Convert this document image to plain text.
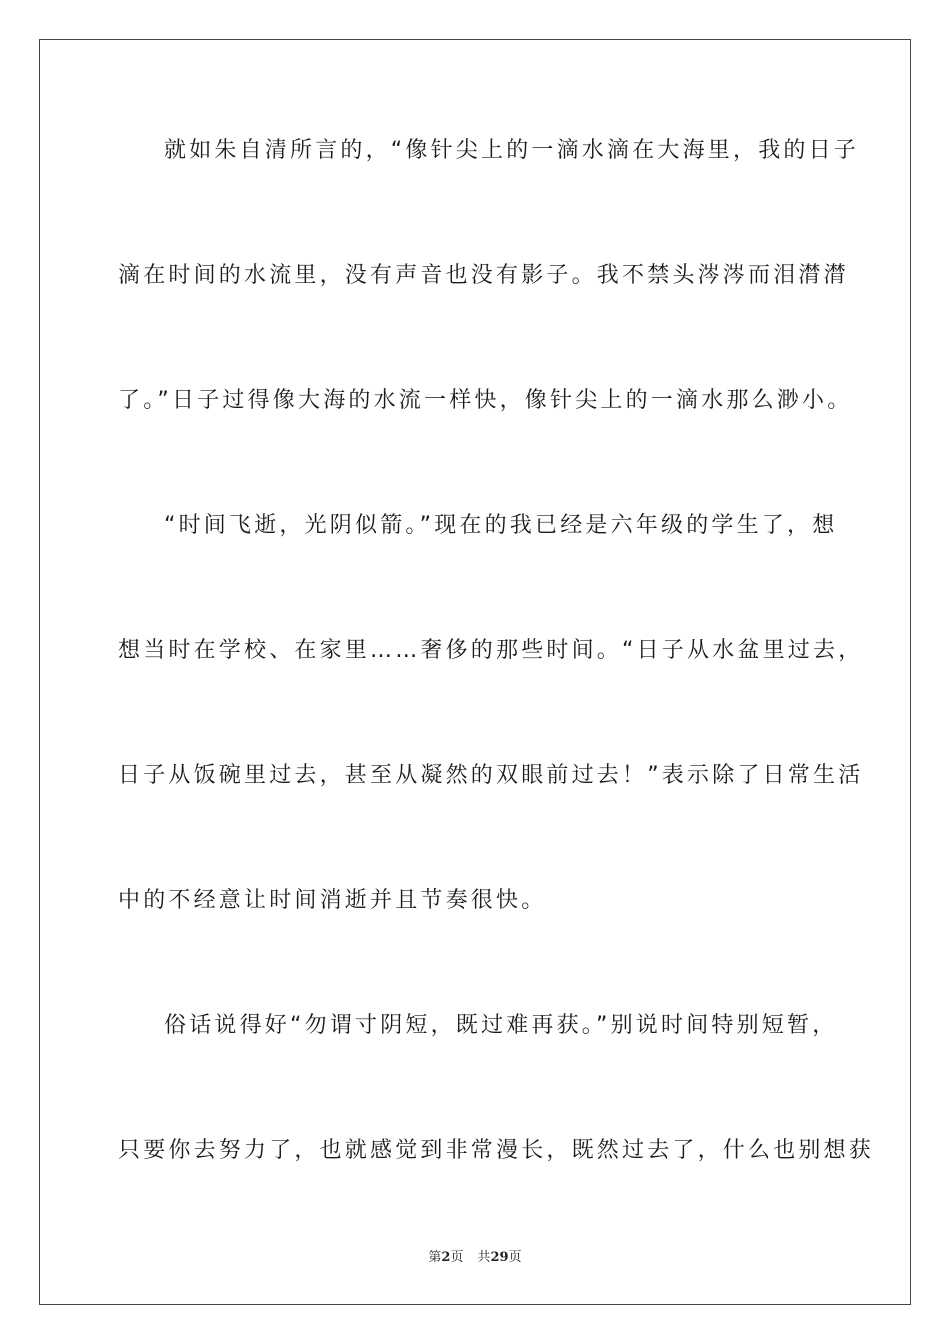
就如朱自清所言的，“像针尖上的一滴水滴在大海里，我的日子
滴在时间的水流里，没有声音也没有影子。我不禁头涔涔而泪潸潸
了。”日子过得像大海的水流一样快，像针尖上的一滴水那么渺小。
“时间飞逝，光阴似箭。”现在的我已经是六年级的学生了，想
想当时在学校、在家里……奢侈的那些时间。“日子从水盆里过去，
日子从饭碗里过去，甚至从凝然的双眼前过去！”表示除了日常生活
中的不经意让时间消逝并且节奏很快。
俗话说得好“勿谓寸阴短，既过难再获。”别说时间特别短暂，
只要你去努力了，也就感觉到非常漫长，既然过去了，什么也别想获
第2页 共29页
